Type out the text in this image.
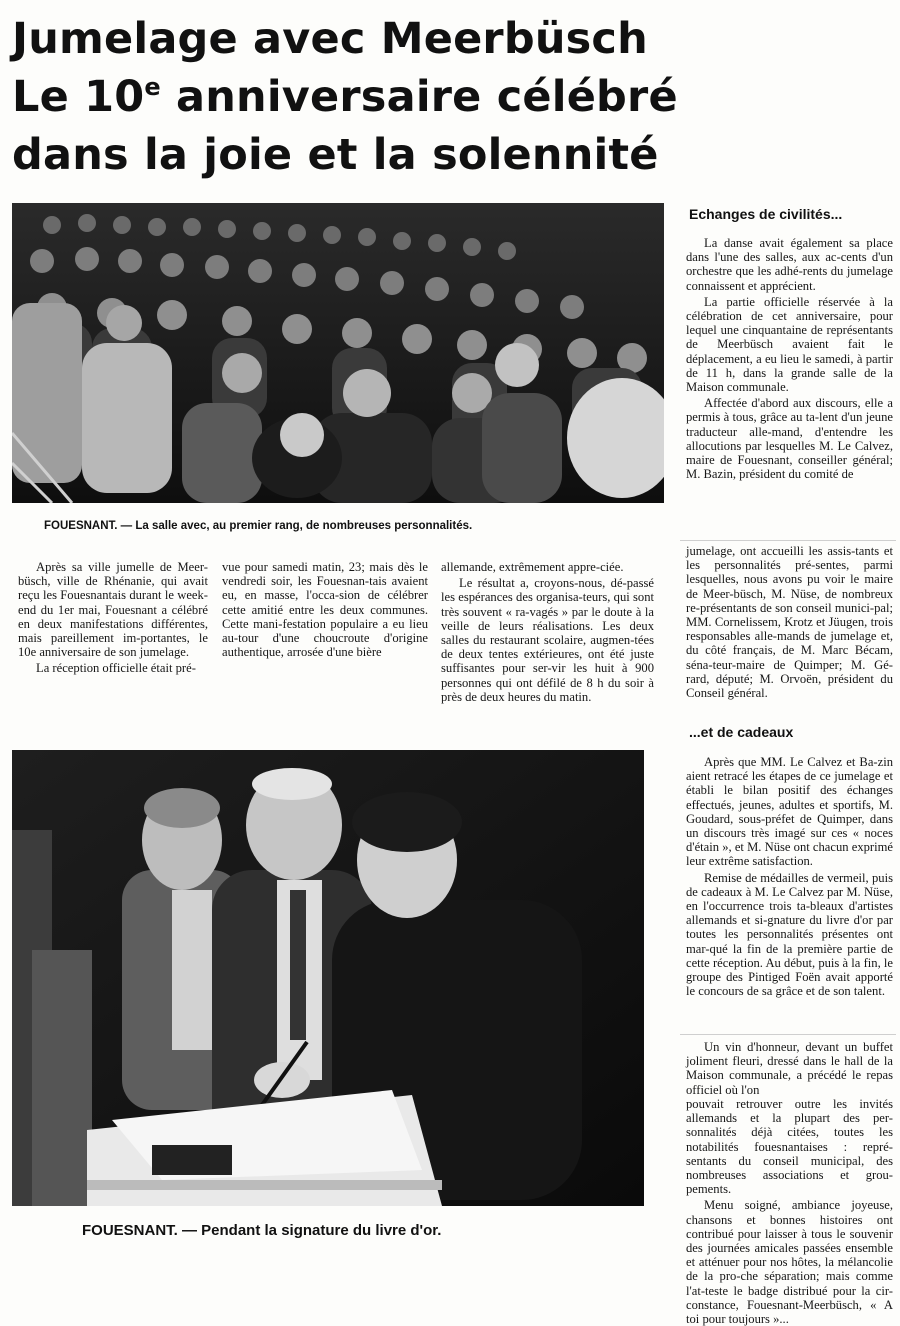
Jumelage avec Meerbüsch
Le 10e anniversaire célébré
dans la joie et la solennité
FOUESNANT. — La salle avec, au premier rang, de nombreuses personnalités.

Après sa ville jumelle de Meer-büsch, ville de Rhénanie, qui avait reçu les Fouesnantais durant le week-end du 1er mai, Fouesnant a célébré en deux manifestations différentes, mais pareillement im-portantes, le 10e anniversaire de son jumelage.

La réception officielle était pré-

vue pour samedi matin, 23; mais dès le vendredi soir, les Fouesnan-tais avaient eu, en masse, l'occa-sion de célébrer cette amitié entre les deux communes. Cette mani-festation populaire a eu lieu au-tour d'une choucroute d'origine authentique, arrosée d'une bière

allemande, extrêmement appre-ciée.

Le résultat a, croyons-nous, dé-passé les espérances des organisa-teurs, qui sont très souvent « ra-vagés » par le doute à la veille de leurs réalisations. Les deux salles du restaurant scolaire, augmen-tées de deux tentes extérieures, ont été juste suffisantes pour ser-vir les huit à 900 personnes qui ont défilé de 8 h du soir à près de deux heures du matin.

FOUESNANT. — Pendant la signature du livre d'or.
Echanges de civilités...

La danse avait également sa place dans l'une des salles, aux ac-cents d'un orchestre que les adhé-rents du jumelage connaissent et apprécient.

La partie officielle réservée à la célébration de cet anniversaire, pour lequel une cinquantaine de représentants de Meerbüsch avaient fait le déplacement, a eu lieu le samedi, à partir de 11 h, dans la grande salle de la Maison communale.

Affectée d'abord aux discours, elle a permis à tous, grâce au ta-lent d'un jeune traducteur alle-mand, d'entendre les allocutions par lesquelles M. Le Calvez, maire de Fouesnant, conseiller général; M. Bazin, président du comité de

jumelage, ont accueilli les assis-tants et les personnalités pré-sentes, parmi lesquelles, nous avons pu voir le maire de Meer-büsch, M. Nüse, de nombreux re-présentants de son conseil munici-pal; MM. Cornelissem, Krotz et Jüugen, trois responsables alle-mands de jumelage et, du côté français, de M. Marc Bécam, séna-teur-maire de Quimper; M. Gé-rard, député; M. Orvoën, président du Conseil général.

...et de cadeaux

Après que MM. Le Calvez et Ba-zin aient retracé les étapes de ce jumelage et établi le bilan positif des échanges effectués, jeunes, adultes et sportifs, M. Goudard, sous-préfet de Quimper, dans un discours très imagé sur ces « noces d'étain », et M. Nüse ont chacun exprimé leur extrême satisfaction.

Remise de médailles de vermeil, puis de cadeaux à M. Le Calvez par M. Nüse, en l'occurrence trois ta-bleaux d'artistes allemands et si-gnature du livre d'or par toutes les personnalités présentes ont mar-qué la fin de la première partie de cette réception. Au début, puis à la fin, le groupe des Pintiged Foën avait apporté le concours de sa grâce et de son talent.

Un vin d'honneur, devant un buffet joliment fleuri, dressé dans le hall de la Maison communale, a précédé le repas officiel où l'on

pouvait retrouver outre les invités allemands et la plupart des per-sonnalités déjà citées, toutes les notabilités fouesnantaises : repré-sentants du conseil municipal, des nombreuses associations et grou-pements.

Menu soigné, ambiance joyeuse, chansons et bonnes histoires ont contribué pour laisser à tous le souvenir des journées amicales passées ensemble et atténuer pour nos hôtes, la mélancolie de la pro-che séparation; mais comme l'at-teste le badge distribué pour la cir-constance, Fouesnant-Meerbüsch, « A toi pour toujours »...
